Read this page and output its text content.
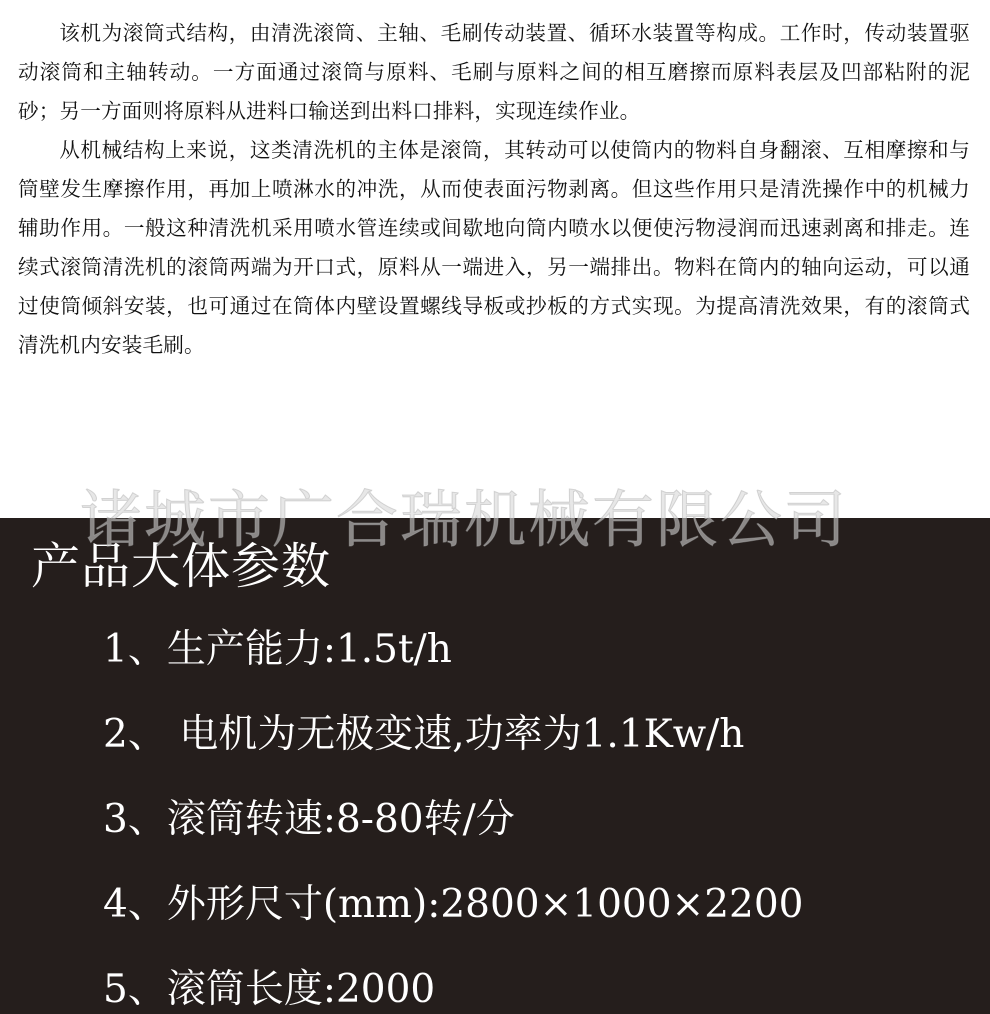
该机为滚筒式结构，由清洗滚筒、主轴、毛刷传动装置、循环水装置等构成。工作时，传动装置驱动滚筒和主轴转动。一方面通过滚筒与原料、毛刷与原料之间的相互磨擦而原料表层及凹部粘附的泥砂；另一方面则将原料从进料口输送到出料口排料，实现连续作业。

从机械结构上来说，这类清洗机的主体是滚筒，其转动可以使筒内的物料自身翻滚、互相摩擦和与筒壁发生摩擦作用，再加上喷淋水的冲洗，从而使表面污物剥离。但这些作用只是清洗操作中的机械力辅助作用。一般这种清洗机采用喷水管连续或间歇地向筒内喷水以便使污物浸润而迅速剥离和排走。连续式滚筒清洗机的滚筒两端为开口式，原料从一端进入，另一端排出。物料在筒内的轴向运动，可以通过使筒倾斜安装，也可通过在筒体内壁设置螺线导板或抄板的方式实现。为提高清洗效果，有的滚筒式清洗机内安装毛刷。

诸城市广合瑞机械有限公司
产品大体参数
1、生产能力:1.5t/h
2、 电机为无极变速,功率为1.1Kw/h
3、滚筒转速:8-80转/分
4、外形尺寸(mm):2800×1000×2200
5、滚筒长度:2000
